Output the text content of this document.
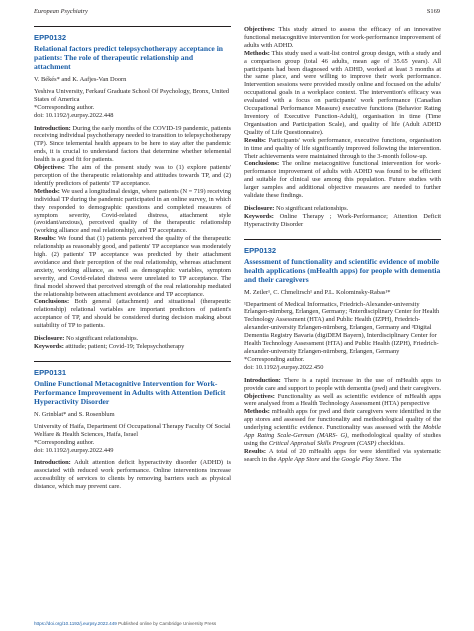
European Psychiatry	S169
EPP0132
Relational factors predict telepsychotherapy acceptance in patients: The role of therapeutic relationship and attachment

V. Békés* and K. Aafjes-Van Doorn

Yeshiva University, Ferkauf Graduate School Of Psychology, Bronx, United States of America

*Corresponding author.

doi: 10.1192/j.eurpsy.2022.448

Introduction: During the early months of the COVID-19 pandemic, patients receiving individual psychotherapy needed to transition to telepsychotherapy (TP). Since telemental health appears to be here to stay after the pandemic ends, it is crucial to understand factors that determine whether telemental health is a good fit for patients.

Objectives: The aim of the present study was to (1) explore patients' perception of the therapeutic relationship and attitudes towards TP, and (2) identify predictors of patients' TP acceptance.

Methods: We used a longitudinal design, where patients (N = 719) receiving individual TP during the pandemic participated in an online survey, in which they responded to demographic questions and completed measures of symptom severity, Covid-related distress, attachment style (avoidant/anxious), perceived quality of the therapeutic relationship (working alliance and real relationship), and TP acceptance.

Results: We found that (1) patients perceived the quality of the therapeutic relationship as reasonably good, and patients' TP acceptance was moderately high. (2) patients' TP acceptance was predicted by their attachment avoidance and their perception of the real relationship, whereas attachment anxiety, working alliance, as well as demographic variables, symptom severity, and Covid-related distress were unrelated to TP acceptance. The final model showed that perceived strength of the real relationship mediated the relationship between attachment avoidance and TP acceptance.

Conclusions: Both general (attachment) and situational (therapeutic relationship) relational variables are important predictors of patient's acceptance of TP, and should be considered during decision making about suitability of TP to patients.

Disclosure: No significant relationships.

Keywords: attitude; patient; Covid-19; Telepsychotherapy

EPP0131
Online Functional Metacognitive Intervention for Work-Performance Improvement in Adults with Attention Deficit Hyperactivity Disorder

N. Grinblat* and S. Rosenblum

University of Haifa, Department Of Occupational Therapy Faculty Of Social Welfare & Health Sciences, Haifa, Israel

*Corresponding author.

doi: 10.1192/j.eurpsy.2022.449

Introduction: Adult attention deficit hyperactivity disorder (ADHD) is associated with reduced work performance. Online interventions increase accessibility of services to clients by removing barriers such as physical distance, which may prevent care.

Objectives: This study aimed to assess the efficacy of an innovative functional metacognitive intervention for work-performance improvement of adults with ADHD.

Methods: This study used a wait-list control group design, with a study and a comparison group (total 46 adults, mean age of 35.65 years). All participants had been diagnosed with ADHD, worked at least 3 months at the same place, and were willing to improve their work performance. Intervention sessions were provided mostly online and focused on the adults' occupational goals in a workplace context. The intervention's efficacy was evaluated with a focus on participants' work performance (Canadian Occupational Performance Measure) executive functions (Behavior Rating Inventory of Executive Function-Adult), organisation in time (Time Organisation and Participation Scale), and quality of life (Adult ADHD Quality of Life Questionnaire).

Results: Participants' work performance, executive functions, organisation in time and quality of life significantly improved following the intervention. Their achievements were maintained through to the 3-month follow-up.

Conclusions: The online metacognitive functional intervention for work-performance improvement of adults with ADHD was found to be efficient and suitable for clinical use among this population. Future studies with larger samples and additional objective measures are needed to further validate these findings.

Disclosure: No significant relationships.

Keywords: Online Therapy ; Work-Performance; Attention Deficit Hyperactivity Disorder

EPP0132
Assessment of functionality and scientific evidence of mobile health applications (mHealth apps) for people with dementia and their caregivers

M. Zeiler¹, C. Chmelirsch¹ and P.L. Kolominsky-Rabas¹*

¹Department of Medical Informatics, Friedrich-Alexander-university Erlangen-nürnberg, Erlangen, Germany; ²Interdisciplinary Center for Health Technology Assessment (HTA) and Public Health (IZPH), Friedrich-alexander-university Erlangen-nürnberg, Erlangen, Germany and ³Digital Dementia Registry Bavaria (digiDEM Bayern), Interdisciplinary Center for Health Technology Assessment (HTA) and Public Health (IZPH), Friedrich-alexander-university Erlangen-nürnberg, Erlangen, Germany

*Corresponding author.

doi: 10.1192/j.eurpsy.2022.450

Introduction: There is a rapid increase in the use of mHealth apps to provide care and support to people with dementia (pwd) and their caregivers.

Objectives: Functionality as well as scientific evidence of mHealth apps were analysed from a Health Technology Assessment (HTA) perspective

Methods: mHealth apps for pwd and their caregivers were identified in the app stores and assessed for functionality and methodological quality of the underlying scientific evidence. Functionality was assessed with the Mobile App Rating Scale-German (MARS- G), methodological quality of studies using the Critical Appraisal Skills Program (CASP) checklists.

Results: A total of 20 mHealth apps for were identified via systematic search in the Apple App Store and the Google Play Store. The

https://doi.org/10.1192/j.eurpsy.2022.449 Published online by Cambridge University Press
